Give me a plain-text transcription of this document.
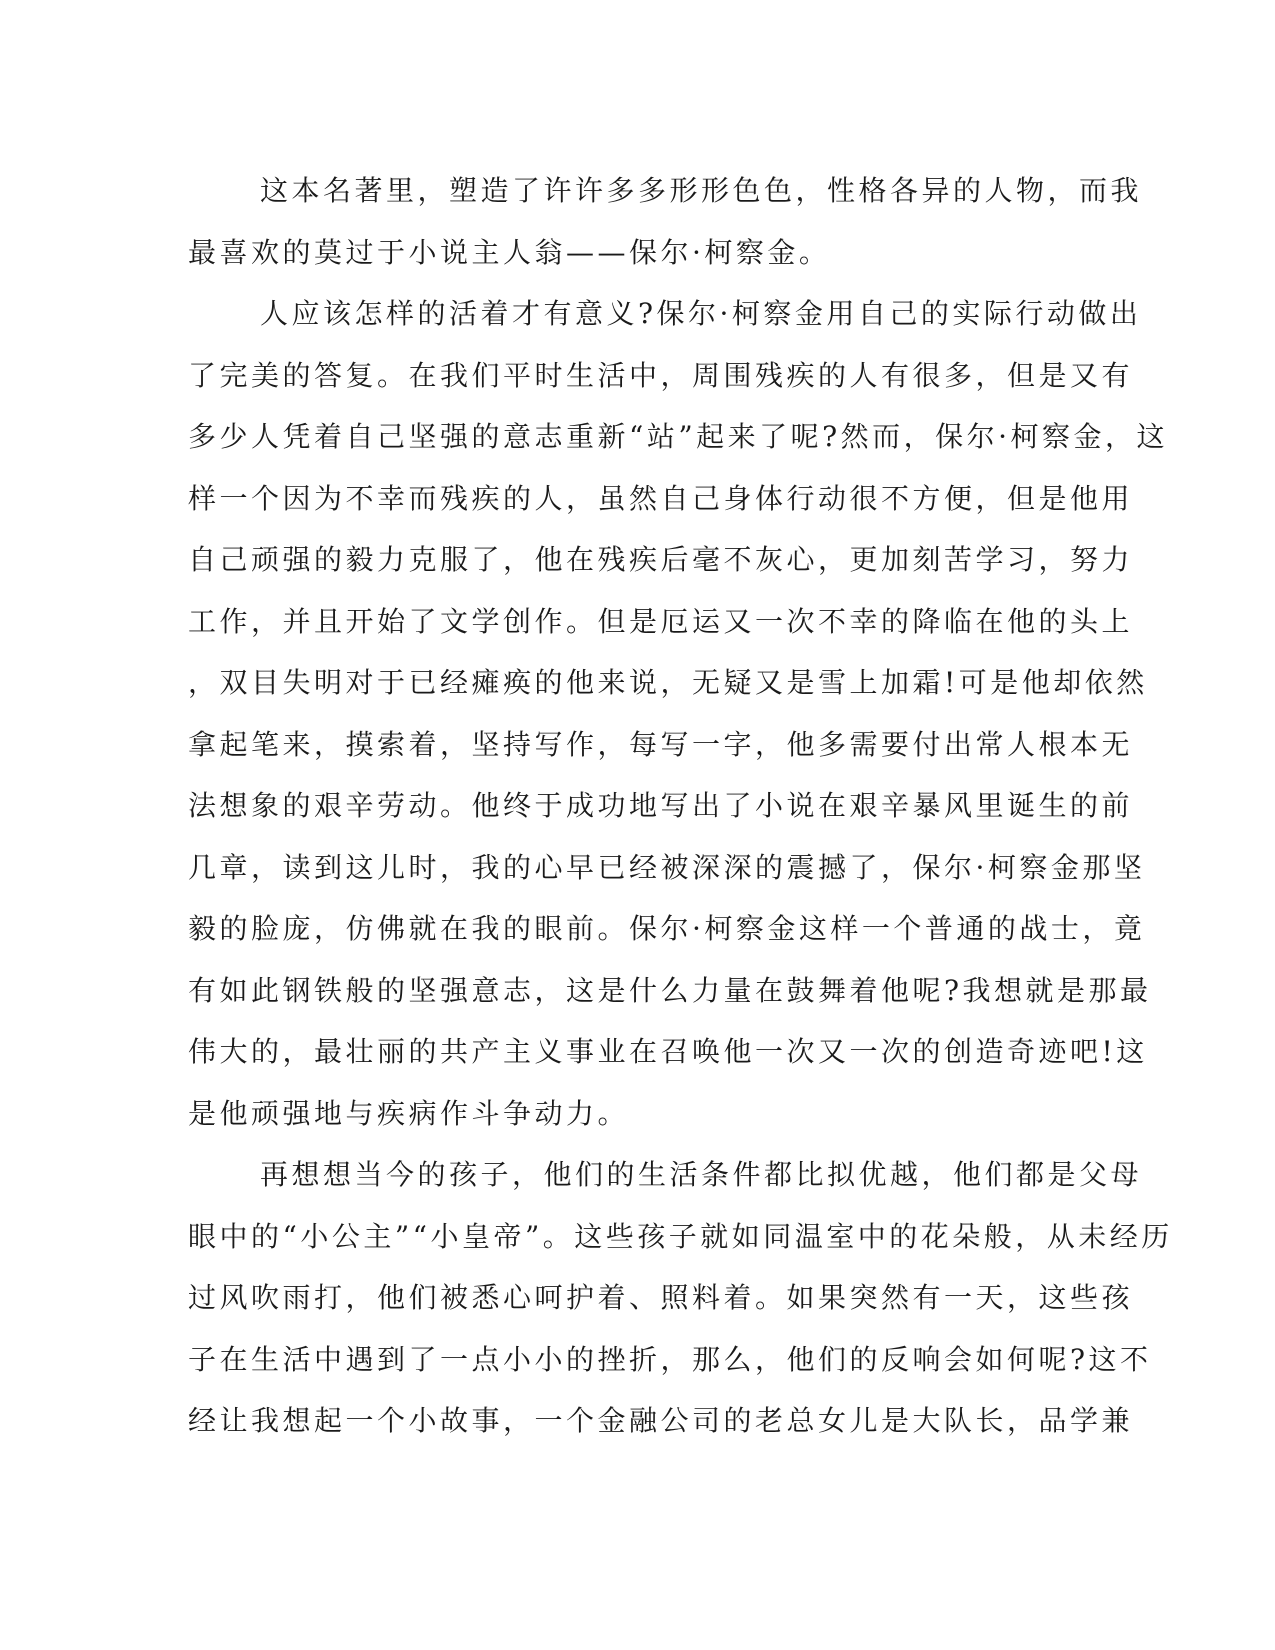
这本名著里，塑造了许许多多形形色色，性格各异的人物，而我
最喜欢的莫过于小说主人翁——保尔·柯察金。
人应该怎样的活着才有意义?保尔·柯察金用自己的实际行动做出
了完美的答复。在我们平时生活中，周围残疾的人有很多，但是又有
多少人凭着自己坚强的意志重新“站”起来了呢?然而，保尔·柯察金，这
样一个因为不幸而残疾的人，虽然自己身体行动很不方便，但是他用
自己顽强的毅力克服了，他在残疾后毫不灰心，更加刻苦学习，努力
工作，并且开始了文学创作。但是厄运又一次不幸的降临在他的头上
，双目失明对于已经瘫痪的他来说，无疑又是雪上加霜!可是他却依然
拿起笔来，摸索着，坚持写作，每写一字，他多需要付出常人根本无
法想象的艰辛劳动。他终于成功地写出了小说在艰辛暴风里诞生的前
几章，读到这儿时，我的心早已经被深深的震撼了，保尔·柯察金那坚
毅的脸庞，仿佛就在我的眼前。保尔·柯察金这样一个普通的战士，竟
有如此钢铁般的坚强意志，这是什么力量在鼓舞着他呢?我想就是那最
伟大的，最壮丽的共产主义事业在召唤他一次又一次的创造奇迹吧!这
是他顽强地与疾病作斗争动力。
再想想当今的孩子，他们的生活条件都比拟优越，他们都是父母
眼中的“小公主”“小皇帝”。这些孩子就如同温室中的花朵般，从未经历
过风吹雨打，他们被悉心呵护着、照料着。如果突然有一天，这些孩
子在生活中遇到了一点小小的挫折，那么，他们的反响会如何呢?这不
经让我想起一个小故事，一个金融公司的老总女儿是大队长，品学兼
